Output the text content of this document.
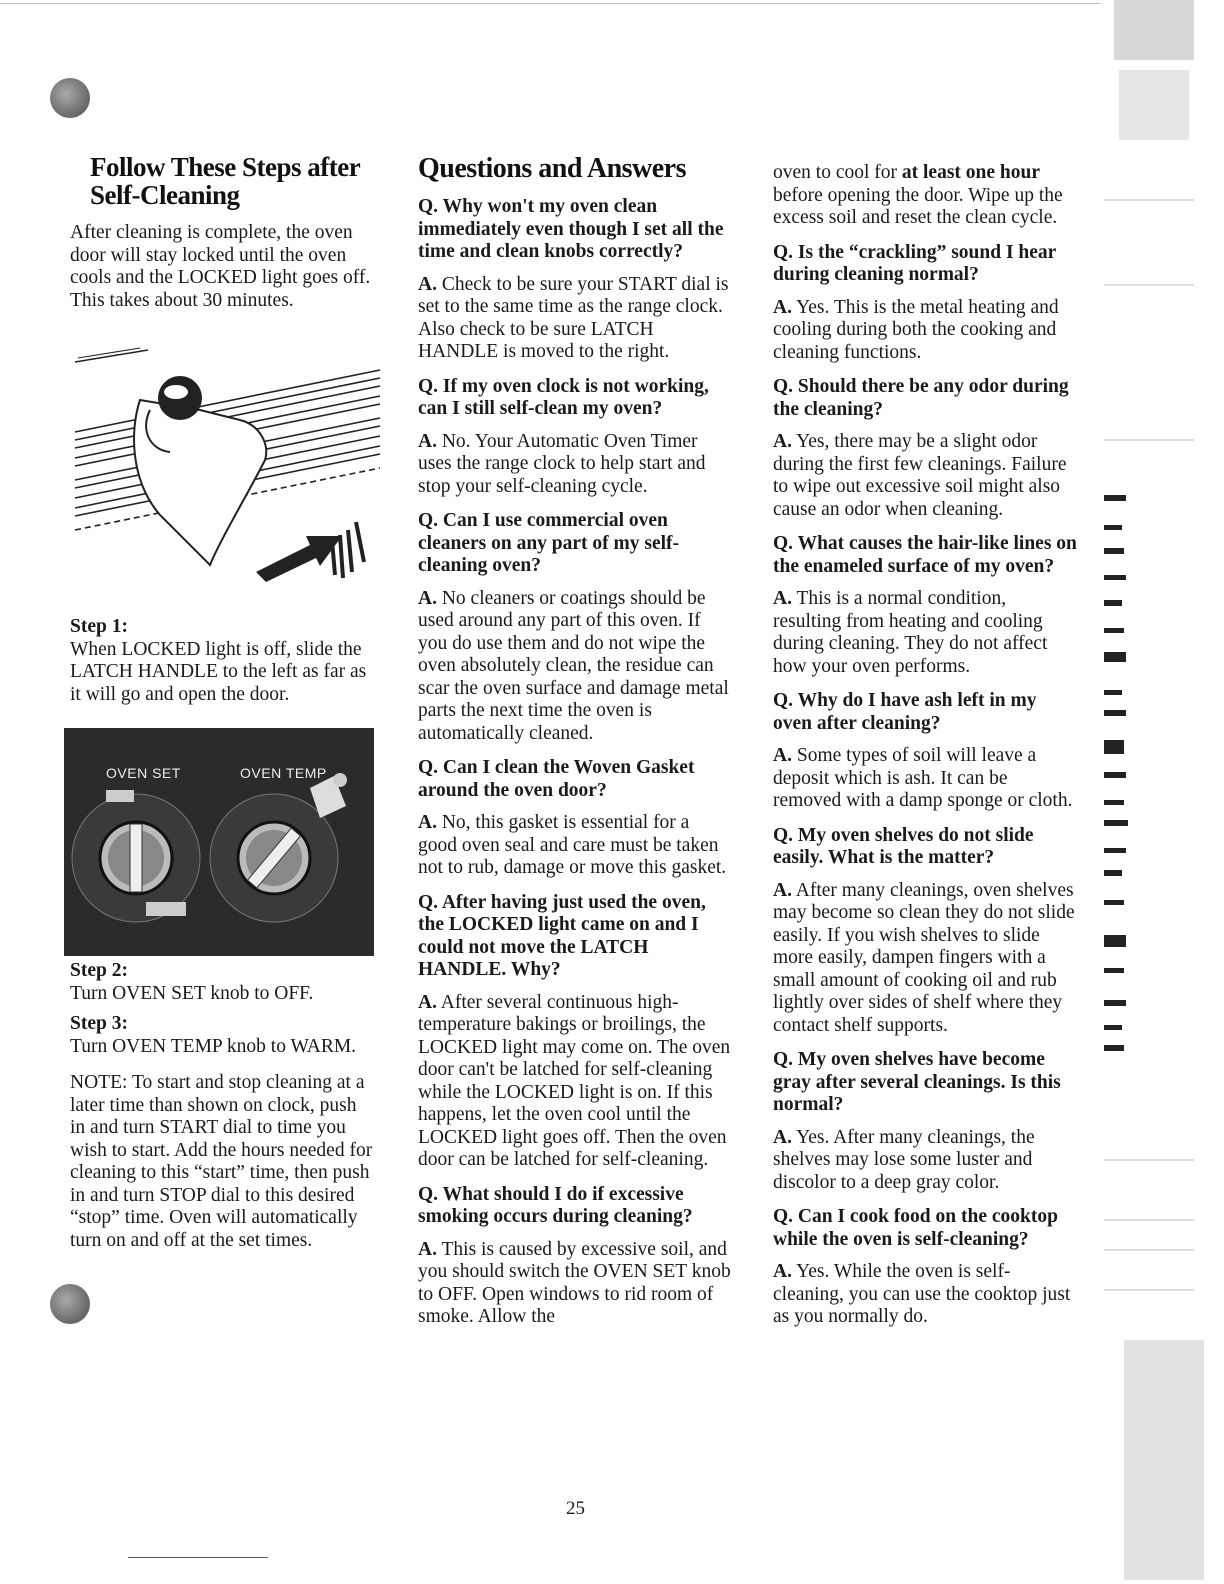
Follow These Steps after
Self-Cleaning

After cleaning is complete, the oven door will stay locked until the oven cools and the LOCKED light goes off. This takes about 30 minutes.

Step 1:

When LOCKED light is off, slide the LATCH HANDLE to the left as far as it will go and open the door.

OVEN SET	OVEN TEMP

Step 2:

Turn OVEN SET knob to OFF.

Step 3:

Turn OVEN TEMP knob to WARM.

NOTE: To start and stop cleaning at a later time than shown on clock, push in and turn START dial to time you wish to start. Add the hours needed for cleaning to this “start” time, then push in and turn STOP dial to this desired “stop” time. Oven will automatically turn on and off at the set times.

Questions and Answers

Q. Why won't my oven clean immediately even though I set all the time and clean knobs correctly?

A. Check to be sure your START dial is set to the same time as the range clock. Also check to be sure LATCH HANDLE is moved to the right.

Q. If my oven clock is not working, can I still self-clean my oven?

A. No. Your Automatic Oven Timer uses the range clock to help start and stop your self-cleaning cycle.

Q. Can I use commercial oven cleaners on any part of my self-cleaning oven?

A. No cleaners or coatings should be used around any part of this oven. If you do use them and do not wipe the oven absolutely clean, the residue can scar the oven surface and damage metal parts the next time the oven is automatically cleaned.

Q. Can I clean the Woven Gasket around the oven door?

A. No, this gasket is essential for a good oven seal and care must be taken not to rub, damage or move this gasket.

Q. After having just used the oven, the LOCKED light came on and I could not move the LATCH HANDLE. Why?

A. After several continuous high-temperature bakings or broilings, the LOCKED light may come on. The oven door can't be latched for self-cleaning while the LOCKED light is on. If this happens, let the oven cool until the LOCKED light goes off. Then the oven door can be latched for self-cleaning.

Q. What should I do if excessive smoking occurs during cleaning?

A. This is caused by excessive soil, and you should switch the OVEN SET knob to OFF. Open windows to rid room of smoke. Allow the

oven to cool for at least one hour before opening the door. Wipe up the excess soil and reset the clean cycle.

Q. Is the “crackling” sound I hear during cleaning normal?

A. Yes. This is the metal heating and cooling during both the cooking and cleaning functions.

Q. Should there be any odor during the cleaning?

A. Yes, there may be a slight odor during the first few cleanings. Failure to wipe out excessive soil might also cause an odor when cleaning.

Q. What causes the hair-like lines on the enameled surface of my oven?

A. This is a normal condition, resulting from heating and cooling during cleaning. They do not affect how your oven performs.

Q. Why do I have ash left in my oven after cleaning?

A. Some types of soil will leave a deposit which is ash. It can be removed with a damp sponge or cloth.

Q. My oven shelves do not slide easily. What is the matter?

A. After many cleanings, oven shelves may become so clean they do not slide easily. If you wish shelves to slide more easily, dampen fingers with a small amount of cooking oil and rub lightly over sides of shelf where they contact shelf supports.

Q. My oven shelves have become gray after several cleanings. Is this normal?

A. Yes. After many cleanings, the shelves may lose some luster and discolor to a deep gray color.

Q. Can I cook food on the cooktop while the oven is self-cleaning?

A. Yes. While the oven is self-cleaning, you can use the cooktop just as you normally do.

25
